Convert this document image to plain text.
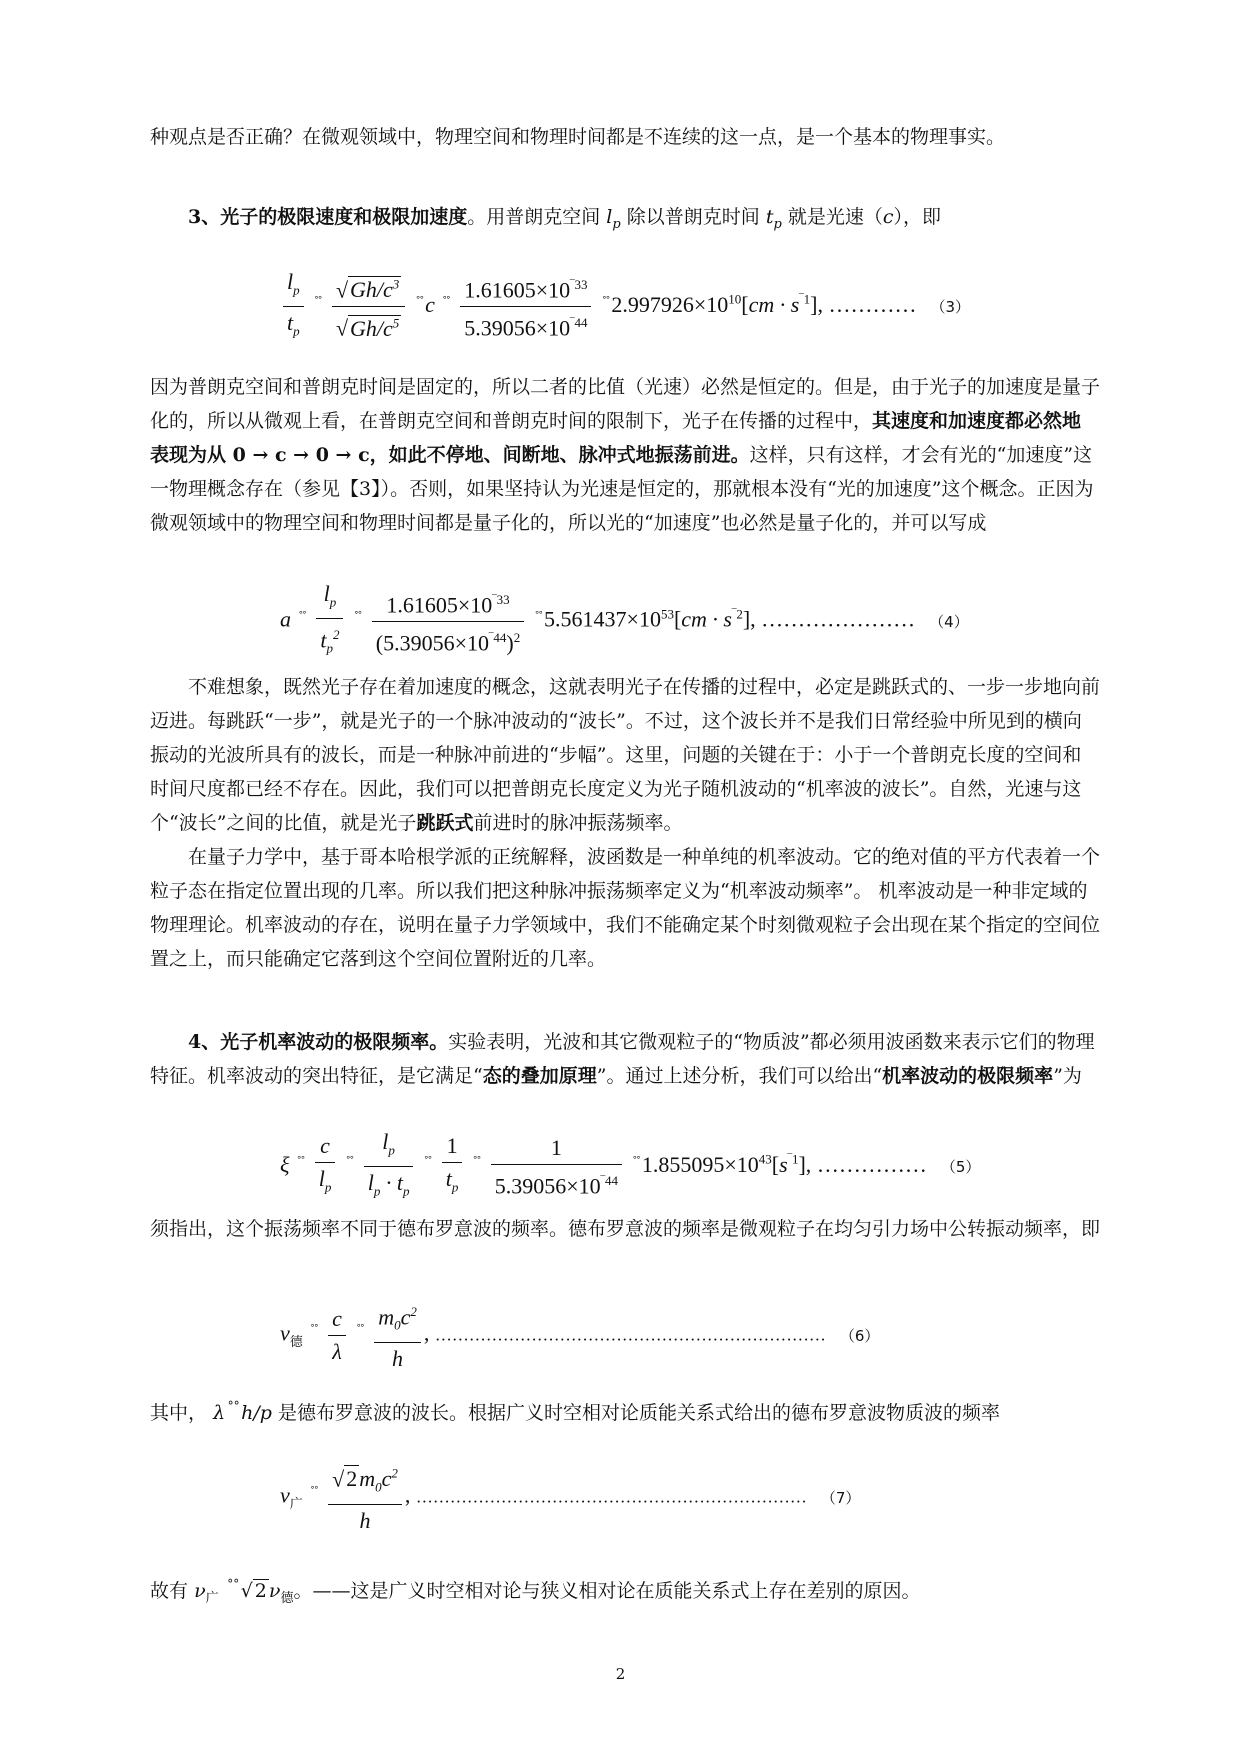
种观点是否正确？在微观领域中，物理空间和物理时间都是不连续的这一点，是一个基本的物理事实。

3、光子的极限速度和极限加速度。用普朗克空间 $l_p$ 除以普朗克时间 $t_p$ 就是光速（c），即

$\frac{l_p}{t_p} ^{˚˚} \frac{√Gh/c^3}{√Gh/c^5} ^{˚˚}c$ $^{˚˚} \frac{1.61605\times 10^{‾33}}{5.39056\times 10^{‾44}} ^{˚˚}2.997926\times 10^{10}[cm \cdot s^{‾1}]$, ………… （3）

因为普朗克空间和普朗克时间是固定的，所以二者的比值（光速）必然是恒定的。但是，由于光子的加速度是量子化的，所以从微观上看，在普朗克空间和普朗克时间的限制下，光子在传播的过程中，其速度和加速度都必然地表现为从 0 → c → 0 → c，如此不停地、间断地、脉冲式地振荡前进。这样，只有这样，才会有光的“加速度”这一物理概念存在（参见【3】）。否则，如果坚持认为光速是恒定的，那就根本没有“光的加速度”这个概念。正因为微观领域中的物理空间和物理时间都是量子化的，所以光的“加速度”也必然是量子化的，并可以写成

a $^{˚˚} \frac{l_p}{t_p^2} ^{˚˚} \frac{1.61605\times 10^{‾33}}{(5.39056\times 10^{‾44})^2} ^{˚˚}5.561437\times 10^{53}[cm \cdot s^{‾2}]$, ………………… （4）

不难想象，既然光子存在着加速度的概念，这就表明光子在传播的过程中，必定是跳跃式的、一步一步地向前迈进。每跳跃“一步”，就是光子的一个脉冲波动的“波长”。不过，这个波长并不是我们日常经验中所见到的横向振动的光波所具有的波长，而是一种脉冲前进的“步幅”。这里，问题的关键在于：小于一个普朗克长度的空间和时间尺度都已经不存在。因此，我们可以把普朗克长度定义为光子随机波动的“机率波的波长”。自然，光速与这个“波长”之间的比值，就是光子跳跃式前进时的脉冲振荡频率。

在量子力学中，基于哥本哈根学派的正统解释，波函数是一种单纯的机率波动。它的绝对值的平方代表着一个粒子态在指定位置出现的几率。所以我们把这种脉冲振荡频率定义为“机率波动频率”。 机率波动是一种非定域的物理理论。机率波动的存在，说明在量子力学领域中，我们不能确定某个时刻微观粒子会出现在某个指定的空间位置之上，而只能确定它落到这个空间位置附近的几率。

4、光子机率波动的极限频率。实验表明，光波和其它微观粒子的“物质波”都必须用波函数来表示它们的物理特征。机率波动的突出特征，是它满足“态的叠加原理”。通过上述分析，我们可以给出“机率波动的极限频率”为

ξ $^{˚˚} \frac{c}{l_p} ^{˚˚} \frac{l_p}{l_p \cdot t_p} ^{˚˚} \frac{1}{t_p} ^{˚˚} \frac{1}{5.39056\times 10^{‾44}} ^{˚˚}1.855095\times 10^{43}[s^{‾1}]$, …………… （5）

须指出，这个振荡频率不同于德布罗意波的频率。德布罗意波的频率是微观粒子在均匀引力场中公转振动频率，即

$\nu_德$ $^{˚˚} \frac{c}{\lambda} ^{˚˚} \frac{m_0c^2}{h}$ , …………………………………………………………… （6）

其中， λ ˚˚ h/p 是德布罗意波的波长。根据广义时空相对论质能关系式给出的德布罗意波物质波的频率

$\nu_广$ $^{˚˚} \frac{√2m_0c^2}{h}$ , …………………………………………………………… （7）

故有 $\nu_广$ ˚˚ √ 2 $\nu_德$。——这是广义时空相对论与狭义相对论在质能关系式上存在差别的原因。

2
